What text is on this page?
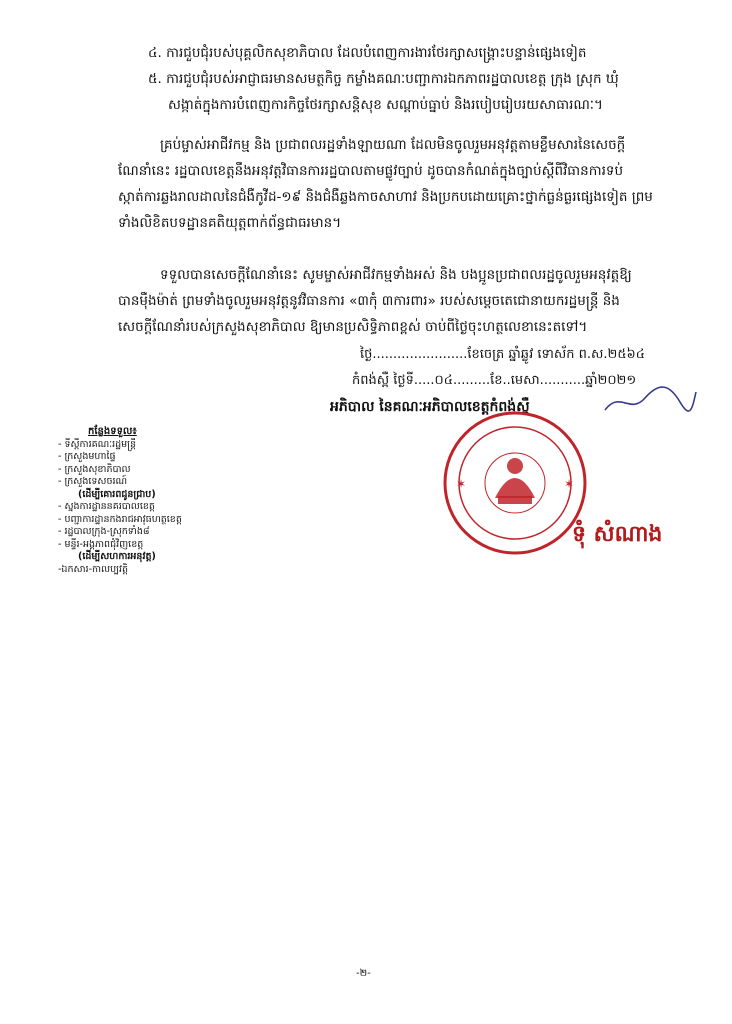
៤. ការជួបជុំរបស់បុគ្គលិកសុខាភិបាល ដែលបំពេញការងារថែរក្សាសង្គ្រោះបន្ទាន់ផ្សេងទៀត
៥. ការជួបជុំរបស់អាជ្ញាធរមានសមត្ថកិច្ច កម្លាំងគណៈបញ្ជាការឯកភាពរដ្ឋបាលខេត្ត ក្រុង ស្រុក ឃុំ
សង្កាត់ក្នុងការបំពេញការកិច្ចថែរក្សាសន្តិសុខ សណ្តាប់ធ្នាប់ និងរបៀបរៀបរយសាធារណៈ។
គ្រប់ម្ចាស់អាជីវកម្ម និង ប្រជាពលរដ្ឋទាំងឡាយណា ដែលមិនចូលរួមអនុវត្តតាមខ្លឹមសារនៃសេចក្តី
ណែនាំនេះ រដ្ឋបាលខេត្តនឹងអនុវត្តវិធានការរដ្ឋបាលតាមផ្លូវច្បាប់ ដូចបានកំណត់ក្នុងច្បាប់ស្តីពីវិធានការទប់
ស្កាត់ការឆ្លងរាលដាលនៃជំងឺកូវីដ-១៩ និងជំងឺឆ្លងកាចសាហាវ និងប្រកបដោយគ្រោះថ្នាក់ធ្ងន់ធ្ងរផ្សេងទៀត ព្រម
ទាំងលិខិតបទដ្ឋានគតិយុត្តពាក់ព័ន្ធជាធរមាន។
ទទួលបានសេចក្តីណែនាំនេះ សូមម្ចាស់អាជីវកម្មទាំងអស់ និង បងប្អូនប្រជាពលរដ្ឋចូលរួមអនុវត្តឱ្យ
បានម៉ឺងម៉ាត់ ព្រមទាំងចូលរួមអនុវត្តនូវវិធានការ «៣កុំ ៣ការពារ» របស់សម្តេចតេជោនាយករដ្ឋមន្ត្រី និង
សេចក្តីណែនាំរបស់ក្រសួងសុខាភិបាល ឱ្យមានប្រសិទ្ធិភាពខ្ពស់ ចាប់ពីថ្ងៃចុះហត្ថលេខានេះតទៅ។
ថ្ងៃ.......................ខែចេត្រ ឆ្នាំឆ្លូវ ទោស័ក ព.ស.២៥៦៤
កំពង់ស្ពឺ ថ្ងៃទី.....០៤.........ខែ..មេសា...........ឆ្នាំ២០២១
អភិបាល នៃគណៈអភិបាលខេត្តកំពង់ស្ពឺ
✶	✶
ទុំ សំណាង
កន្លែងទទួល៖
- ទីស្តីការគណៈរដ្ឋមន្ត្រី
- ក្រសួងមហាផ្ទៃ
- ក្រសួងសុខាភិបាល
- ក្រសួងទេសចរណ៍
(ដើម្បីគោរពជូនជ្រាប)
- ស្នងការដ្ឋាននគរបាលខេត្ត
- បញ្ជាការដ្ឋានកងរាជអាវុធហត្ថខេត្ត
- រដ្ឋបាលក្រុង-ស្រុកទាំង៨
- មន្ទីរ-អង្គភាពជុំវិញខេត្ត
(ដើម្បីសហការអនុវត្ត)
-ឯកសារ-កាលប្បវត្តិ
-២-
